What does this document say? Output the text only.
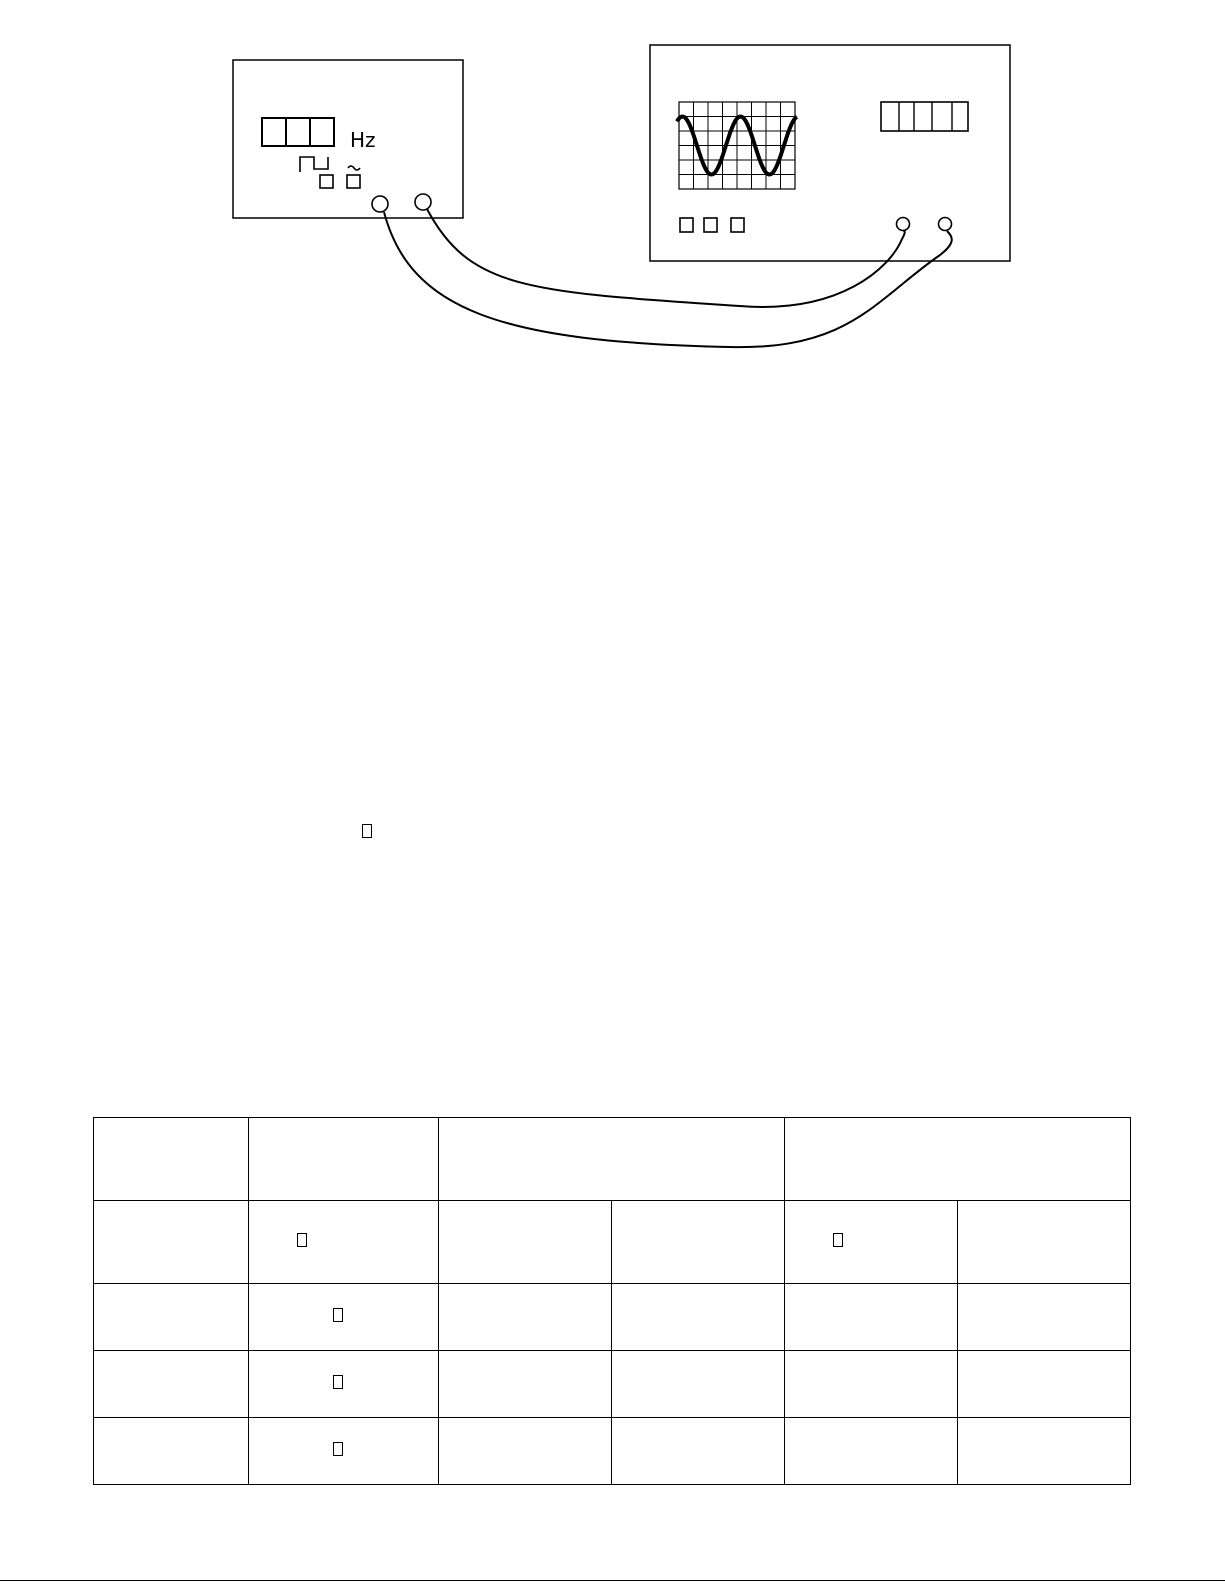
Hz
